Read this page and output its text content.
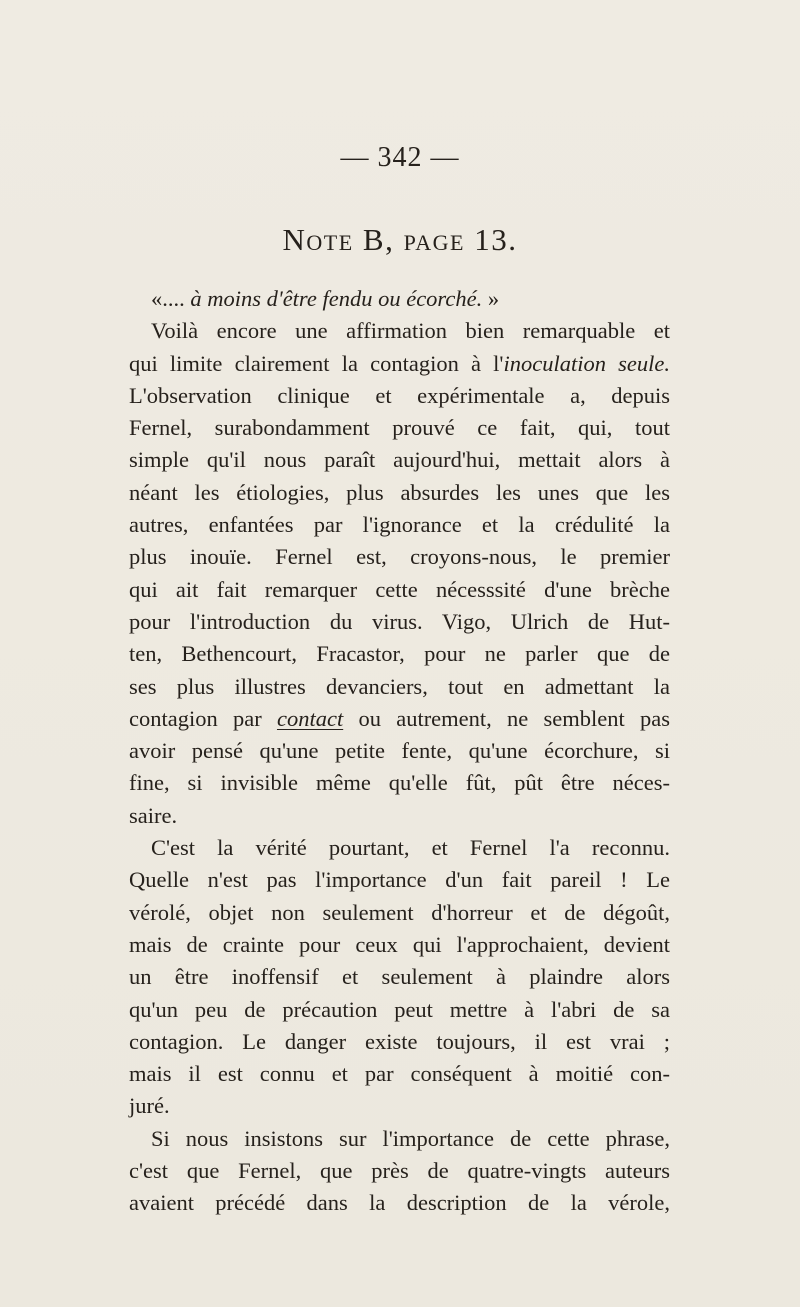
— 342 —
Note B, page 13.
«.... à moins d'être fendu ou écorché. »
Voilà encore une affirmation bien remarquable et
qui limite clairement la contagion à l'inoculation seule.
L'observation clinique et expérimentale a, depuis
Fernel, surabondamment prouvé ce fait, qui, tout
simple qu'il nous paraît aujourd'hui, mettait alors à
néant les étiologies, plus absurdes les unes que les
autres, enfantées par l'ignorance et la crédulité la
plus inouïe. Fernel est, croyons-nous, le premier
qui ait fait remarquer cette nécesssité d'une brèche
pour l'introduction du virus. Vigo, Ulrich de Hut-
ten, Bethencourt, Fracastor, pour ne parler que de
ses plus illustres devanciers, tout en admettant la
contagion par contact ou autrement, ne semblent pas
avoir pensé qu'une petite fente, qu'une écorchure, si
fine, si invisible même qu'elle fût, pût être néces-
saire.
C'est la vérité pourtant, et Fernel l'a reconnu.
Quelle n'est pas l'importance d'un fait pareil ! Le
vérolé, objet non seulement d'horreur et de dégoût,
mais de crainte pour ceux qui l'approchaient, devient
un être inoffensif et seulement à plaindre alors
qu'un peu de précaution peut mettre à l'abri de sa
contagion. Le danger existe toujours, il est vrai ;
mais il est connu et par conséquent à moitié con-
juré.
Si nous insistons sur l'importance de cette phrase,
c'est que Fernel, que près de quatre-vingts auteurs
avaient précédé dans la description de la vérole,
